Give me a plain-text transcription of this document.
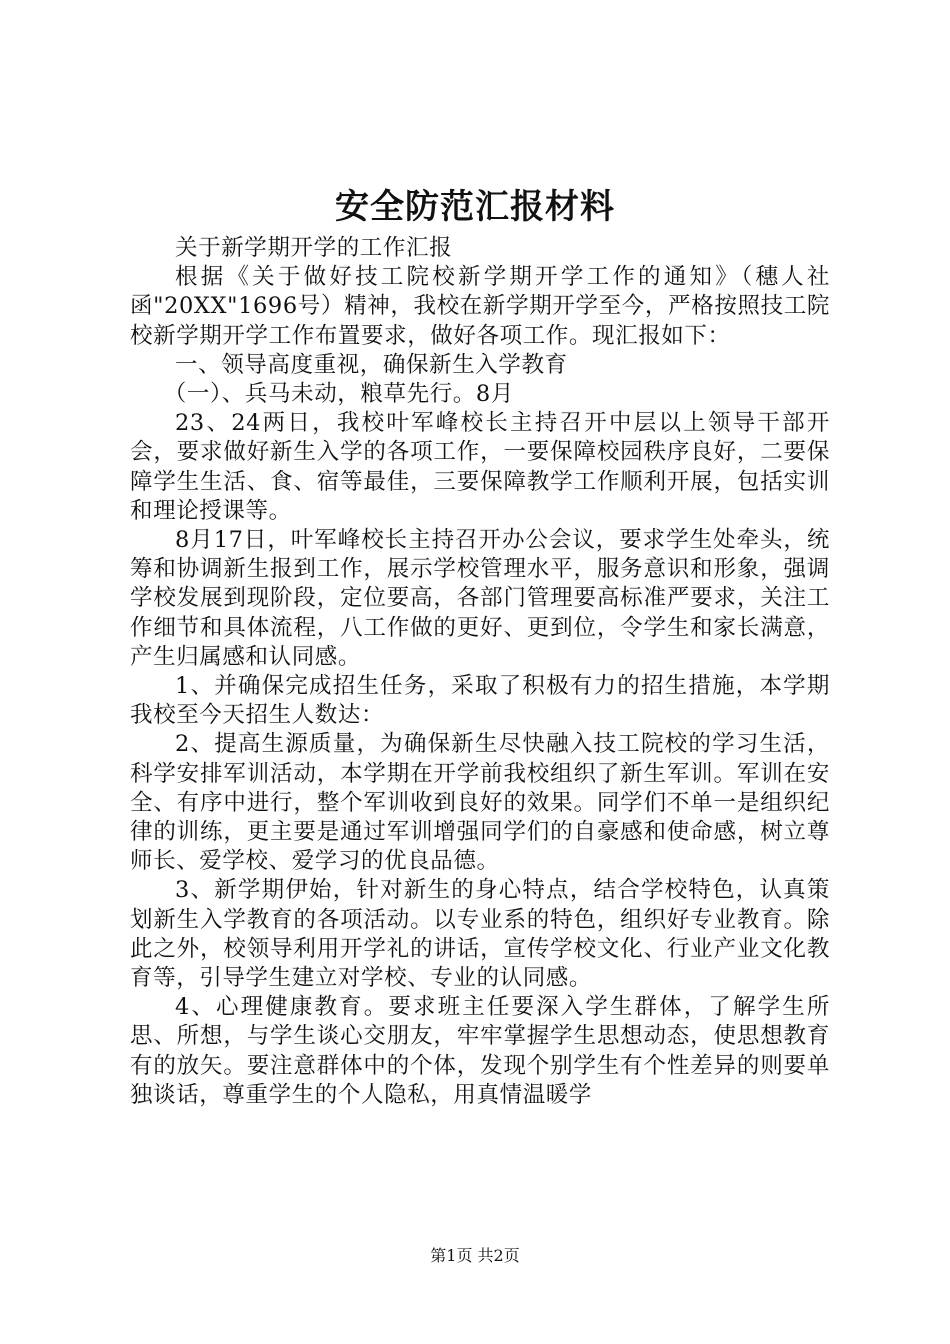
安全防范汇报材料

关于新学期开学的工作汇报

根据《关于做好技工院校新学期开学工作的通知》（穗人社函"20XX"1696号）精神，我校在新学期开学至今，严格按照技工院校新学期开学工作布置要求，做好各项工作。现汇报如下：

一、领导高度重视，确保新生入学教育

（一）、兵马未动，粮草先行。8月

23、24两日，我校叶军峰校长主持召开中层以上领导干部开会，要求做好新生入学的各项工作，一要保障校园秩序良好，二要保障学生生活、食、宿等最佳，三要保障教学工作顺利开展，包括实训和理论授课等。

8月17日，叶军峰校长主持召开办公会议，要求学生处牵头，统筹和协调新生报到工作，展示学校管理水平，服务意识和形象，强调学校发展到现阶段，定位要高，各部门管理要高标准严要求，关注工作细节和具体流程，八工作做的更好、更到位，令学生和家长满意，产生归属感和认同感。

1、并确保完成招生任务，采取了积极有力的招生措施，本学期我校至今天招生人数达：

2、提高生源质量，为确保新生尽快融入技工院校的学习生活，科学安排军训活动，本学期在开学前我校组织了新生军训。军训在安全、有序中进行，整个军训收到良好的效果。同学们不单一是组织纪律的训练，更主要是通过军训增强同学们的自豪感和使命感，树立尊师长、爱学校、爱学习的优良品德。

3、新学期伊始，针对新生的身心特点，结合学校特色，认真策划新生入学教育的各项活动。以专业系的特色，组织好专业教育。除此之外，校领导利用开学礼的讲话，宣传学校文化、行业产业文化教育等，引导学生建立对学校、专业的认同感。

4、心理健康教育。要求班主任要深入学生群体，了解学生所思、所想，与学生谈心交朋友，牢牢掌握学生思想动态，使思想教育有的放矢。要注意群体中的个体，发现个别学生有个性差异的则要单独谈话，尊重学生的个人隐私，用真情温暖学

第1页 共2页
